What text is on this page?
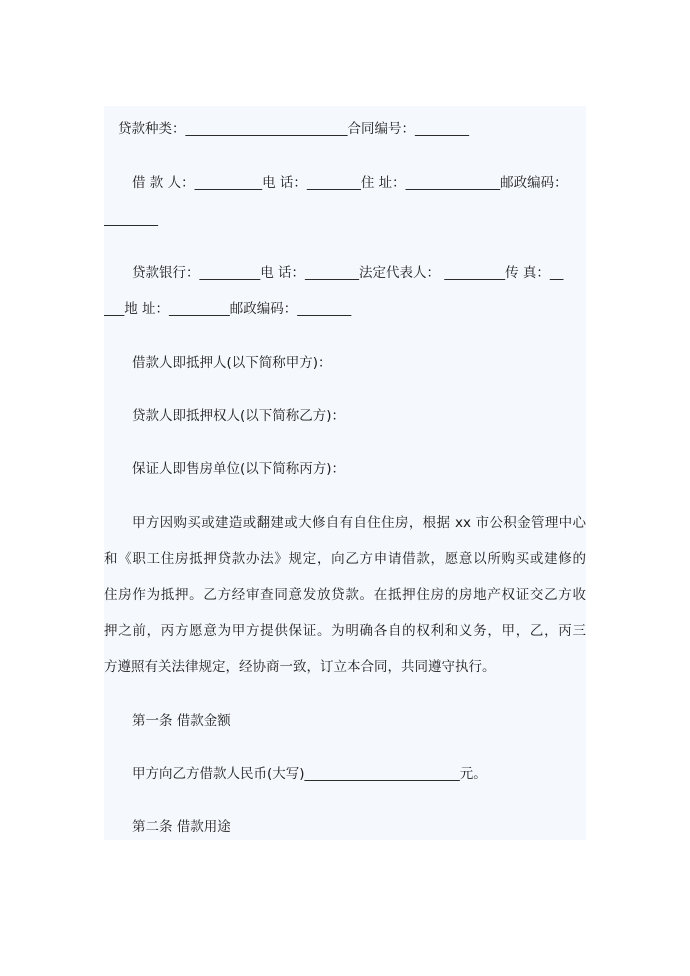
贷款种类：________________________合同编号：________
借 款 人：__________电 话：________住 址：______________邮政编码：
________
贷款银行：_________电 话：________法定代表人： _________传 真：__
___地 址：_________邮政编码：________
借款人即抵押人(以下简称甲方)：
贷款人即抵押权人(以下简称乙方)：
保证人即售房单位(以下简称丙方)：
甲方因购买或建造或翻建或大修自有自住住房，根据 xx 市公积金管理中心
和《职工住房抵押贷款办法》规定，向乙方申请借款，愿意以所购买或建修的
住房作为抵押。乙方经审查同意发放贷款。在抵押住房的房地产权证交乙方收
押之前，丙方愿意为甲方提供保证。为明确各自的权利和义务，甲，乙，丙三
方遵照有关法律规定，经协商一致，订立本合同，共同遵守执行。
第一条 借款金额
甲方向乙方借款人民币(大写)_______________________元。
第二条 借款用途
